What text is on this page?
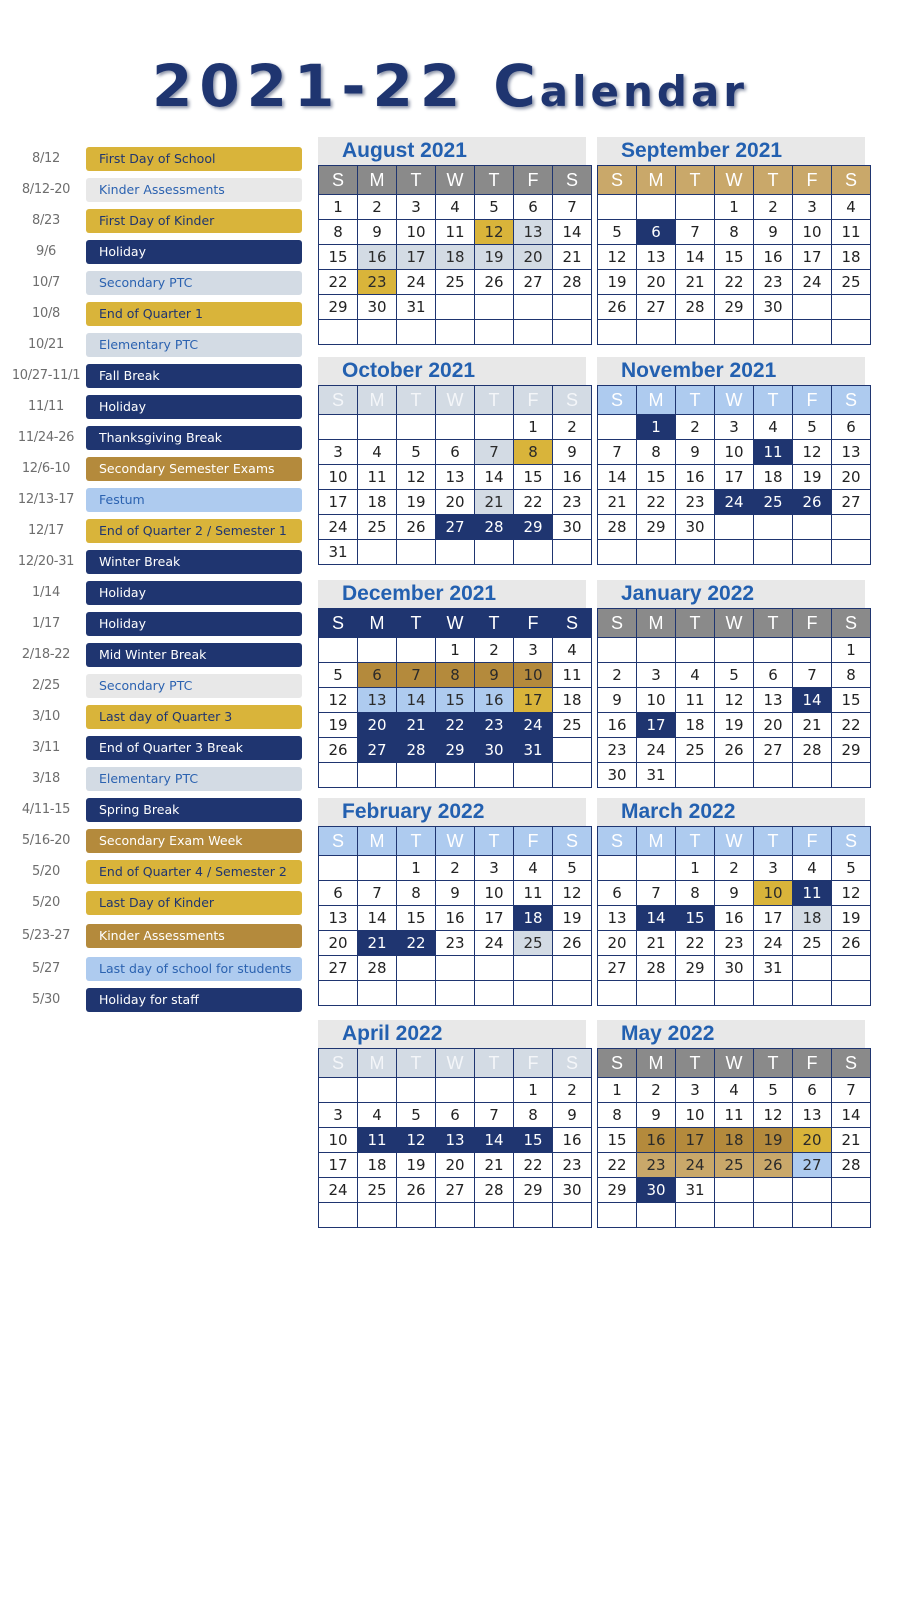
2021-22 Calendar
8/12	First Day of School
8/12-20	Kinder Assessments
8/23	First Day of Kinder
9/6	Holiday
10/7	Secondary PTC
10/8	End of Quarter 1
10/21	Elementary PTC
10/27-11/1	Fall Break
11/11	Holiday
11/24-26	Thanksgiving Break
12/6-10	Secondary Semester Exams
12/13-17	Festum
12/17	End of Quarter 2 / Semester 1
12/20-31	Winter Break
1/14	Holiday
1/17	Holiday
2/18-22	Mid Winter Break
2/25	Secondary PTC
3/10	Last day of Quarter 3
3/11	End of Quarter 3 Break
3/18	Elementary PTC
4/11-15	Spring Break
5/16-20	Secondary Exam Week
5/20	End of Quarter 4 / Semester 2
5/20	Last Day of Kinder
5/23-27	Kinder Assessments
5/27	Last day of school for students
5/30	Holiday for staff
August 2021
S	M	T	W	T	F	S
1	2	3	4	5	6	7
8	9	10	11	12	13	14
15	16	17	18	19	20	21
22	23	24	25	26	27	28
29	30	31				

September 2021
S	M	T	W	T	F	S
			1	2	3	4
5	6	7	8	9	10	11
12	13	14	15	16	17	18
19	20	21	22	23	24	25
26	27	28	29	30		

October 2021
S	M	T	W	T	F	S
					1	2
3	4	5	6	7	8	9
10	11	12	13	14	15	16
17	18	19	20	21	22	23
24	25	26	27	28	29	30
31						
November 2021
S	M	T	W	T	F	S
	1	2	3	4	5	6
7	8	9	10	11	12	13
14	15	16	17	18	19	20
21	22	23	24	25	26	27
28	29	30				

December 2021
S	M	T	W	T	F	S
			1	2	3	4
5	6	7	8	9	10	11
12	13	14	15	16	17	18
19	20	21	22	23	24	25
26	27	28	29	30	31	

January 2022
S	M	T	W	T	F	S
						1
2	3	4	5	6	7	8
9	10	11	12	13	14	15
16	17	18	19	20	21	22
23	24	25	26	27	28	29
30	31					
February 2022
S	M	T	W	T	F	S
		1	2	3	4	5
6	7	8	9	10	11	12
13	14	15	16	17	18	19
20	21	22	23	24	25	26
27	28					

March 2022
S	M	T	W	T	F	S
		1	2	3	4	5
6	7	8	9	10	11	12
13	14	15	16	17	18	19
20	21	22	23	24	25	26
27	28	29	30	31		

April 2022
S	M	T	W	T	F	S
					1	2
3	4	5	6	7	8	9
10	11	12	13	14	15	16
17	18	19	20	21	22	23
24	25	26	27	28	29	30

May 2022
S	M	T	W	T	F	S
1	2	3	4	5	6	7
8	9	10	11	12	13	14
15	16	17	18	19	20	21
22	23	24	25	26	27	28
29	30	31				
